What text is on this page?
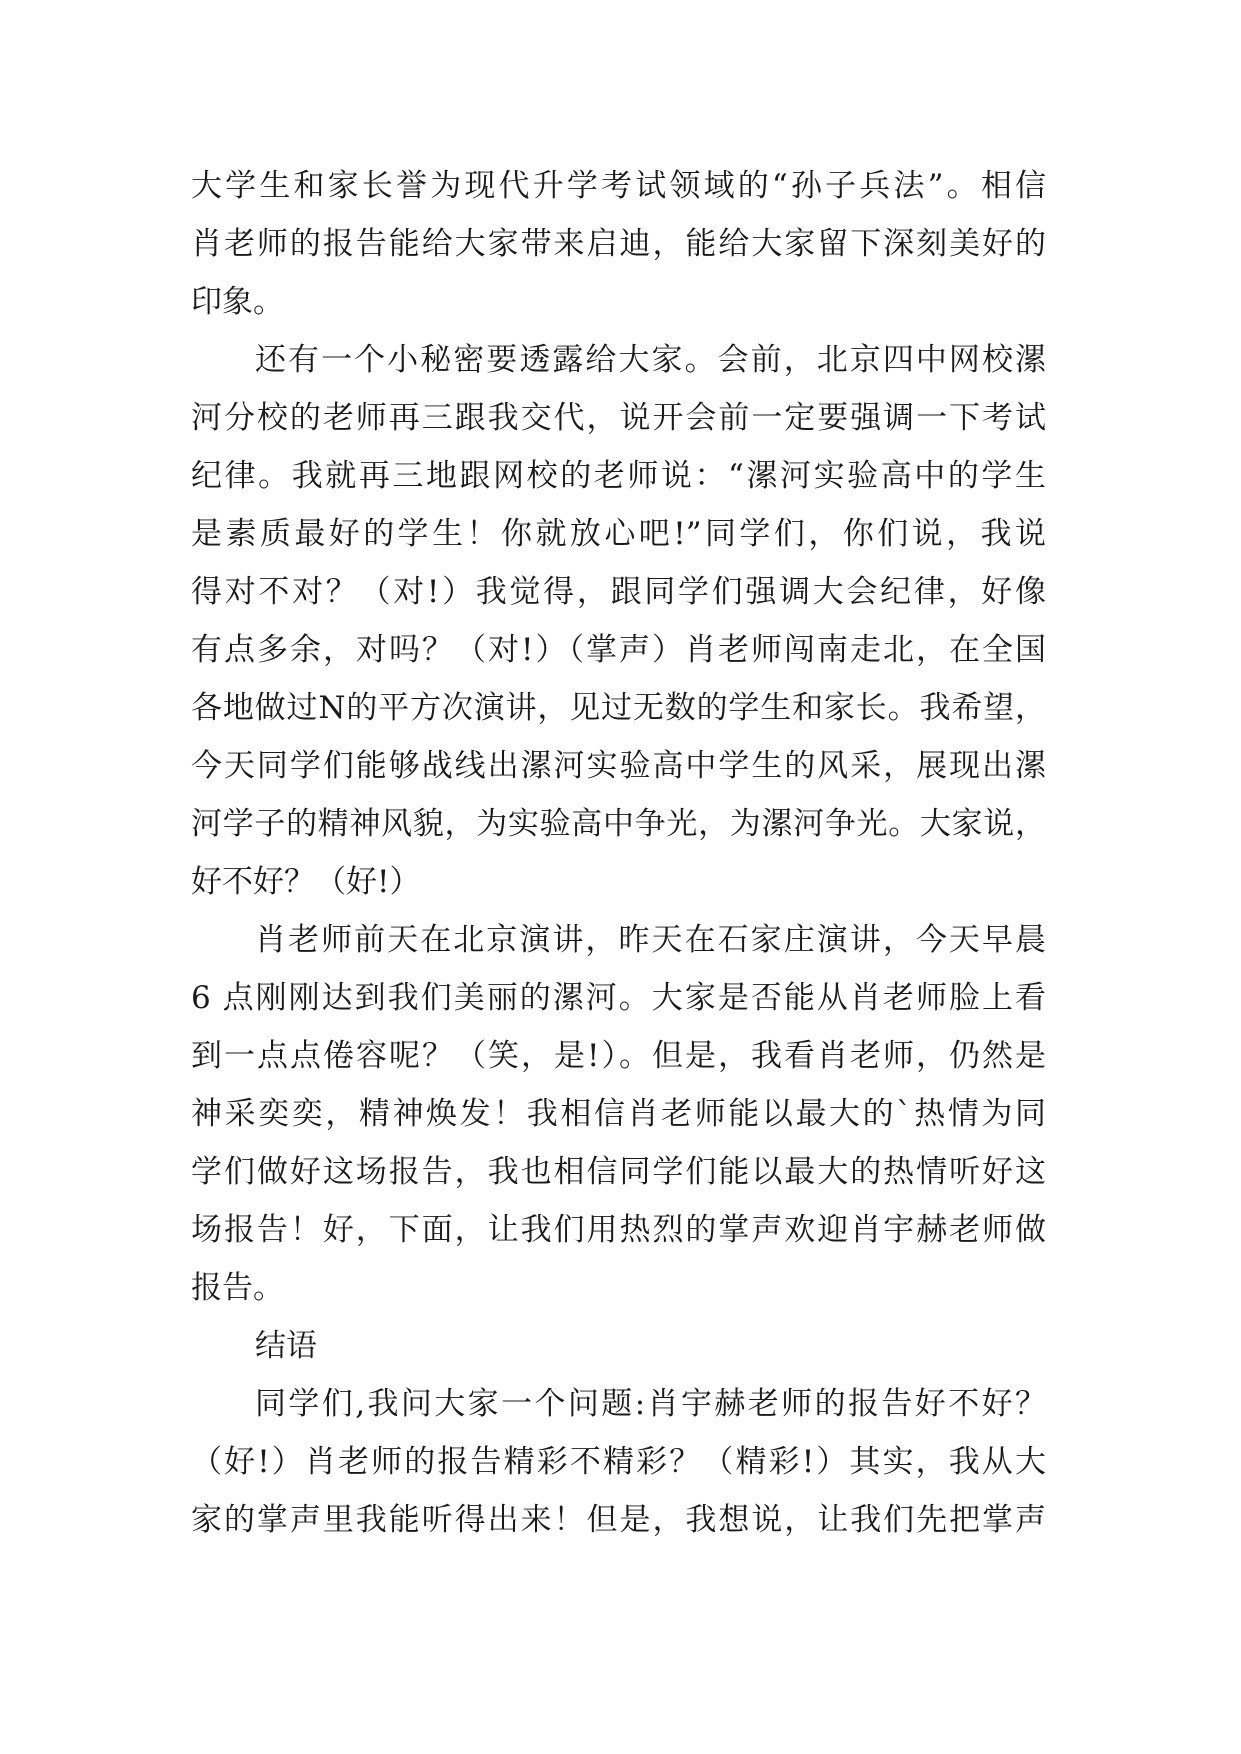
大学生和家长誉为现代升学考试领域的“孙子兵法”。相信
肖老师的报告能给大家带来启迪，能给大家留下深刻美好的
印象。
还有一个小秘密要透露给大家。会前，北京四中网校漯
河分校的老师再三跟我交代，说开会前一定要强调一下考试
纪律。我就再三地跟网校的老师说：“漯河实验高中的学生
是素质最好的学生！你就放心吧!”同学们，你们说，我说
得对不对？（对!）我觉得，跟同学们强调大会纪律，好像
有点多余，对吗？（对!）（掌声）肖老师闯南走北，在全国
各地做过N的平方次演讲，见过无数的学生和家长。我希望，
今天同学们能够战线出漯河实验高中学生的风采，展现出漯
河学子的精神风貌，为实验高中争光，为漯河争光。大家说，
好不好？（好!）
肖老师前天在北京演讲，昨天在石家庄演讲，今天早晨
6 点刚刚达到我们美丽的漯河。大家是否能从肖老师脸上看
到一点点倦容呢？（笑，是!）。但是，我看肖老师，仍然是
神采奕奕，精神焕发！我相信肖老师能以最大的`热情为同
学们做好这场报告，我也相信同学们能以最大的热情听好这
场报告！好，下面，让我们用热烈的掌声欢迎肖宇赫老师做
报告。
结语
同学们,我问大家一个问题:肖宇赫老师的报告好不好？
（好!）肖老师的报告精彩不精彩？（精彩!）其实，我从大
家的掌声里我能听得出来！但是，我想说，让我们先把掌声
